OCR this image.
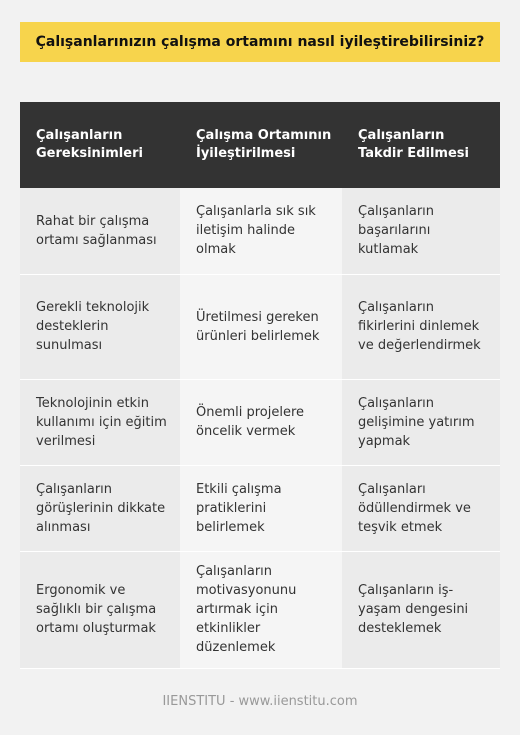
Çalışanlarınızın çalışma ortamını nasıl iyileştirebilirsiniz?
Çalışanların Gereksinimleri	Çalışma Ortamının İyileştirilmesi	Çalışanların Takdir Edilmesi
Rahat bir çalışma ortamı sağlanması	Çalışanlarla sık sık iletişim halinde olmak	Çalışanların başarılarını kutlamak
Gerekli teknolojik desteklerin sunulması	Üretilmesi gereken ürünleri belirlemek	Çalışanların fikirlerini dinlemek ve değerlendirmek
Teknolojinin etkin kullanımı için eğitim verilmesi	Önemli projelere öncelik vermek	Çalışanların gelişimine yatırım yapmak
Çalışanların görüşlerinin dikkate alınması	Etkili çalışma pratiklerini belirlemek	Çalışanları ödüllendirmek ve teşvik etmek
Ergonomik ve sağlıklı bir çalışma ortamı oluşturmak	Çalışanların motivasyonunu artırmak için etkinlikler düzenlemek	Çalışanların iş-yaşam dengesini desteklemek
IIENSTITU - www.iienstitu.com
